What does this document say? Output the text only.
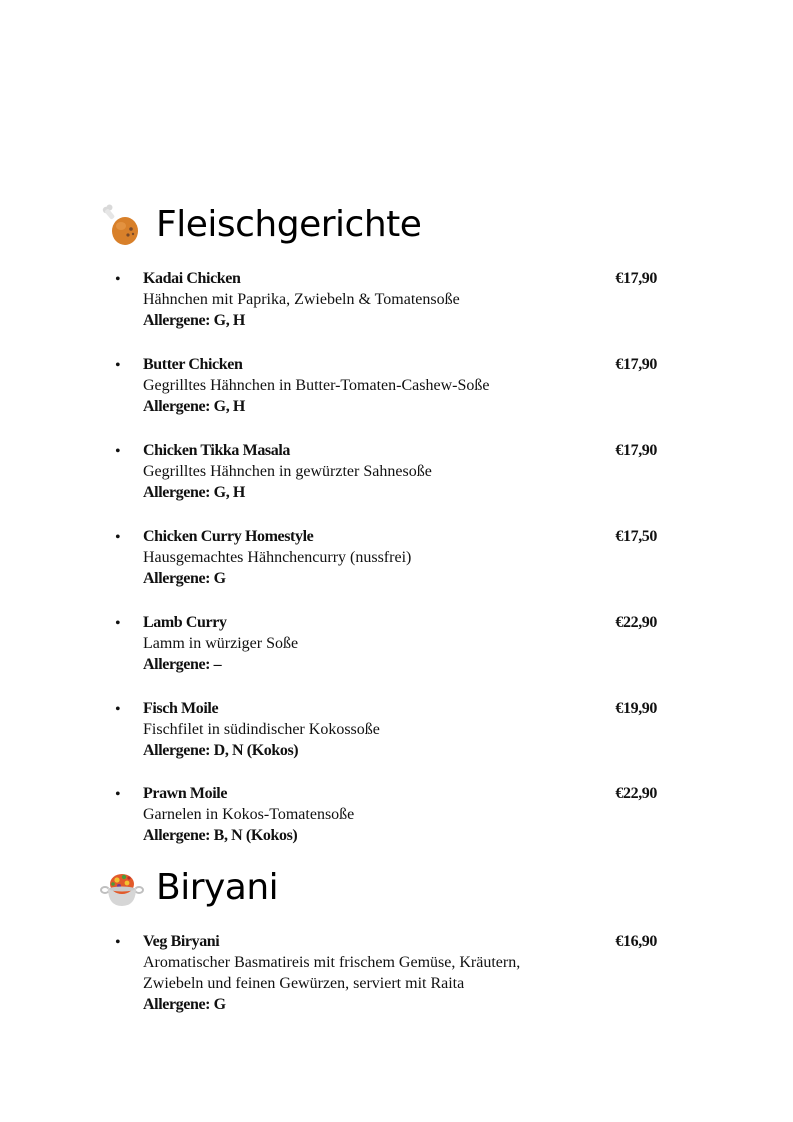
Fleischgerichte
• Kadai Chicken	€17,90
Hähnchen mit Paprika, Zwiebeln & Tomatensoße
Allergene: G, H
• Butter Chicken	€17,90
Gegrilltes Hähnchen in Butter-Tomaten-Cashew-Soße
Allergene: G, H
• Chicken Tikka Masala	€17,90
Gegrilltes Hähnchen in gewürzter Sahnesoße
Allergene: G, H
• Chicken Curry Homestyle	€17,50
Hausgemachtes Hähnchencurry (nussfrei)
Allergene: G
• Lamb Curry	€22,90
Lamm in würziger Soße
Allergene: –
• Fisch Moile	€19,90
Fischfilet in südindischer Kokossoße
Allergene: D, N (Kokos)
• Prawn Moile	€22,90
Garnelen in Kokos-Tomatensoße
Allergene: B, N (Kokos)
Biryani
• Veg Biryani	€16,90
Aromatischer Basmatireis mit frischem Gemüse, Kräutern,
Zwiebeln und feinen Gewürzen, serviert mit Raita
Allergene: G
